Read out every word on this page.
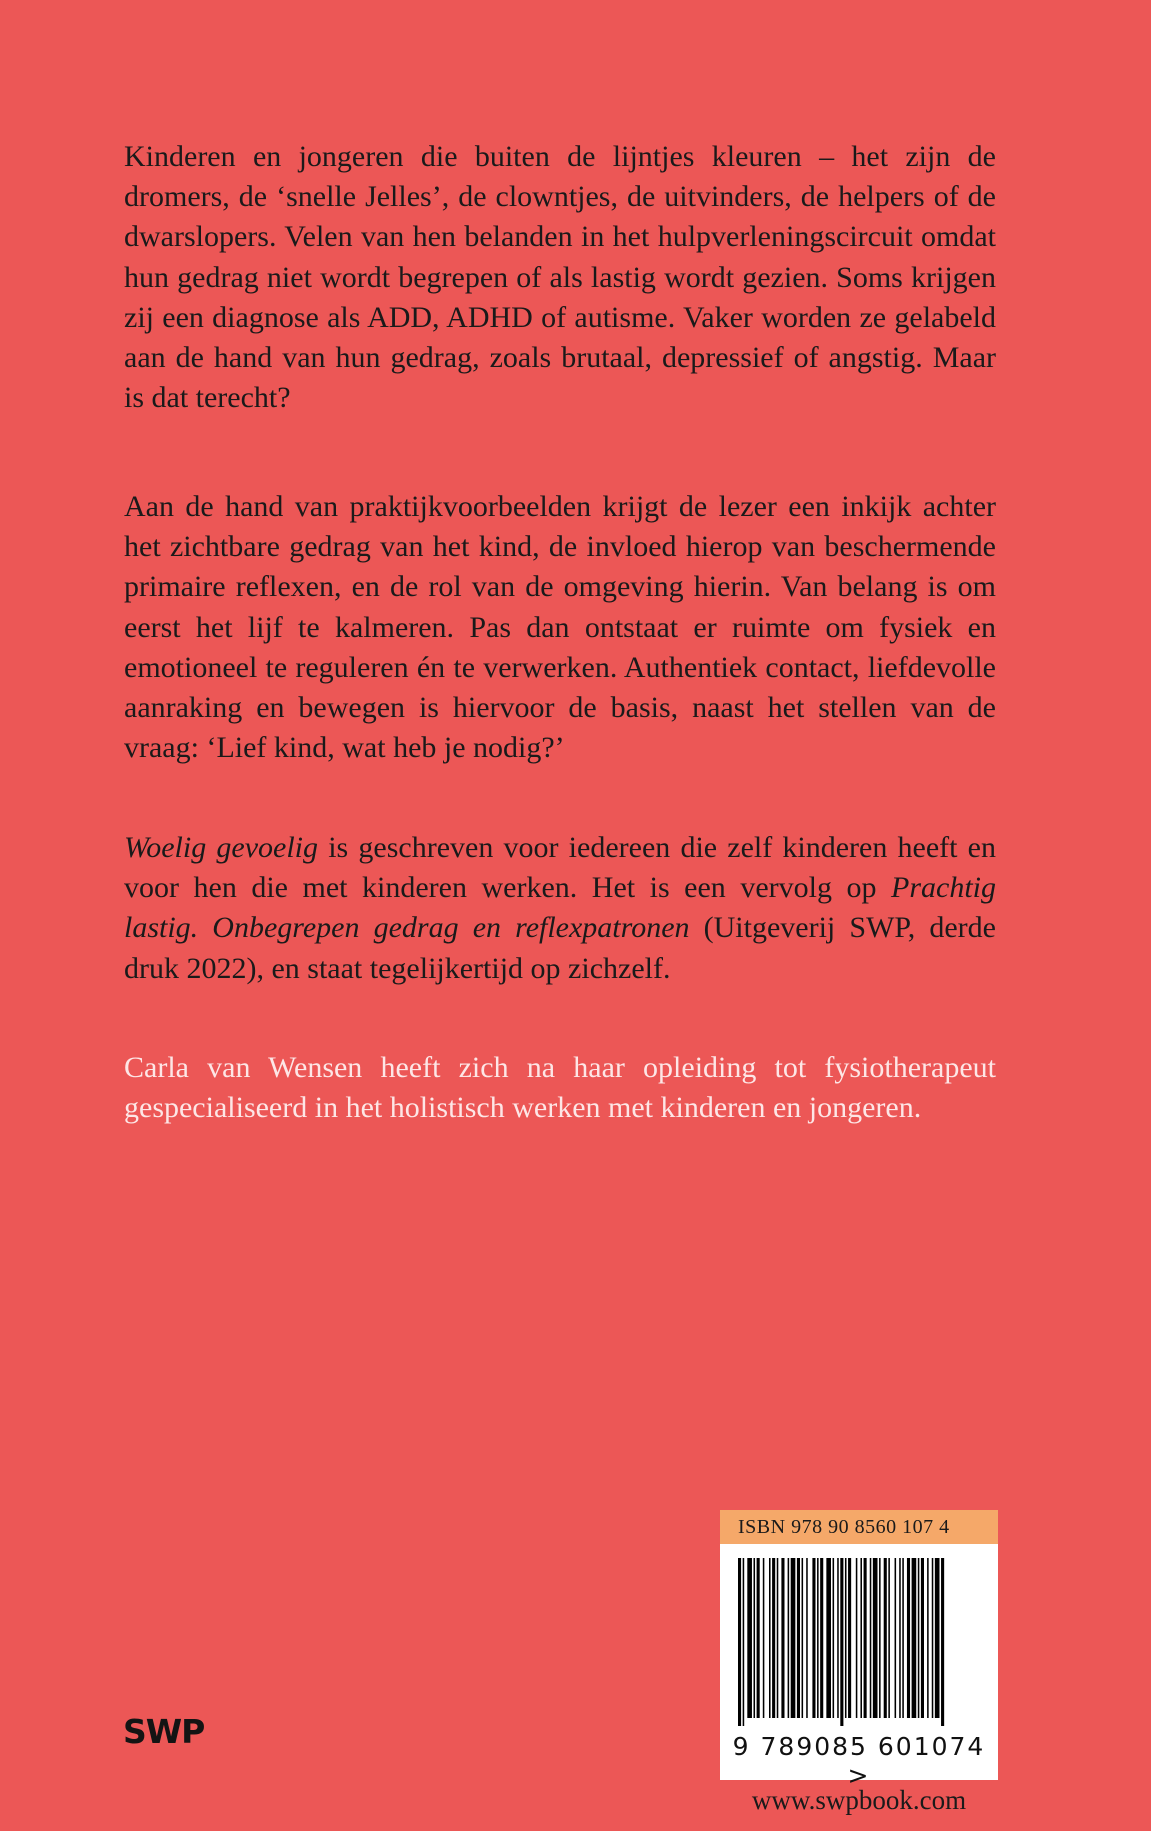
Kinderen en jongeren die buiten de lijntjes kleuren – het zijn de dromers, de ‘snelle Jelles’, de clowntjes, de uitvinders, de helpers of de dwarslopers. Velen van hen belanden in het hulpverleningscircuit omdat hun gedrag niet wordt begrepen of als lastig wordt gezien. Soms krijgen zij een diagnose als ADD, ADHD of autisme. Vaker worden ze gelabeld aan de hand van hun gedrag, zoals brutaal, depressief of angstig. Maar is dat terecht?

Aan de hand van praktijkvoorbeelden krijgt de lezer een inkijk achter het zichtbare gedrag van het kind, de invloed hierop van beschermende primaire reflexen, en de rol van de omgeving hierin. Van belang is om eerst het lijf te kalmeren. Pas dan ontstaat er ruimte om fysiek en emotioneel te reguleren én te verwerken. Authentiek contact, liefdevolle aanraking en bewegen is hiervoor de basis, naast het stellen van de vraag: ‘Lief kind, wat heb je nodig?’

Woelig gevoelig is geschreven voor iedereen die zelf kinderen heeft en voor hen die met kinderen werken. Het is een vervolg op Prachtig lastig. Onbegrepen gedrag en reflexpatronen (Uitgeverij SWP, derde druk 2022), en staat tegelijkertijd op zichzelf.

Carla van Wensen heeft zich na haar opleiding tot fysiotherapeut gespecialiseerd in het holistisch werken met kinderen en jongeren.

SWP
ISBN 978 90 8560 107 4
9 789085 601074 >
www.swpbook.com
